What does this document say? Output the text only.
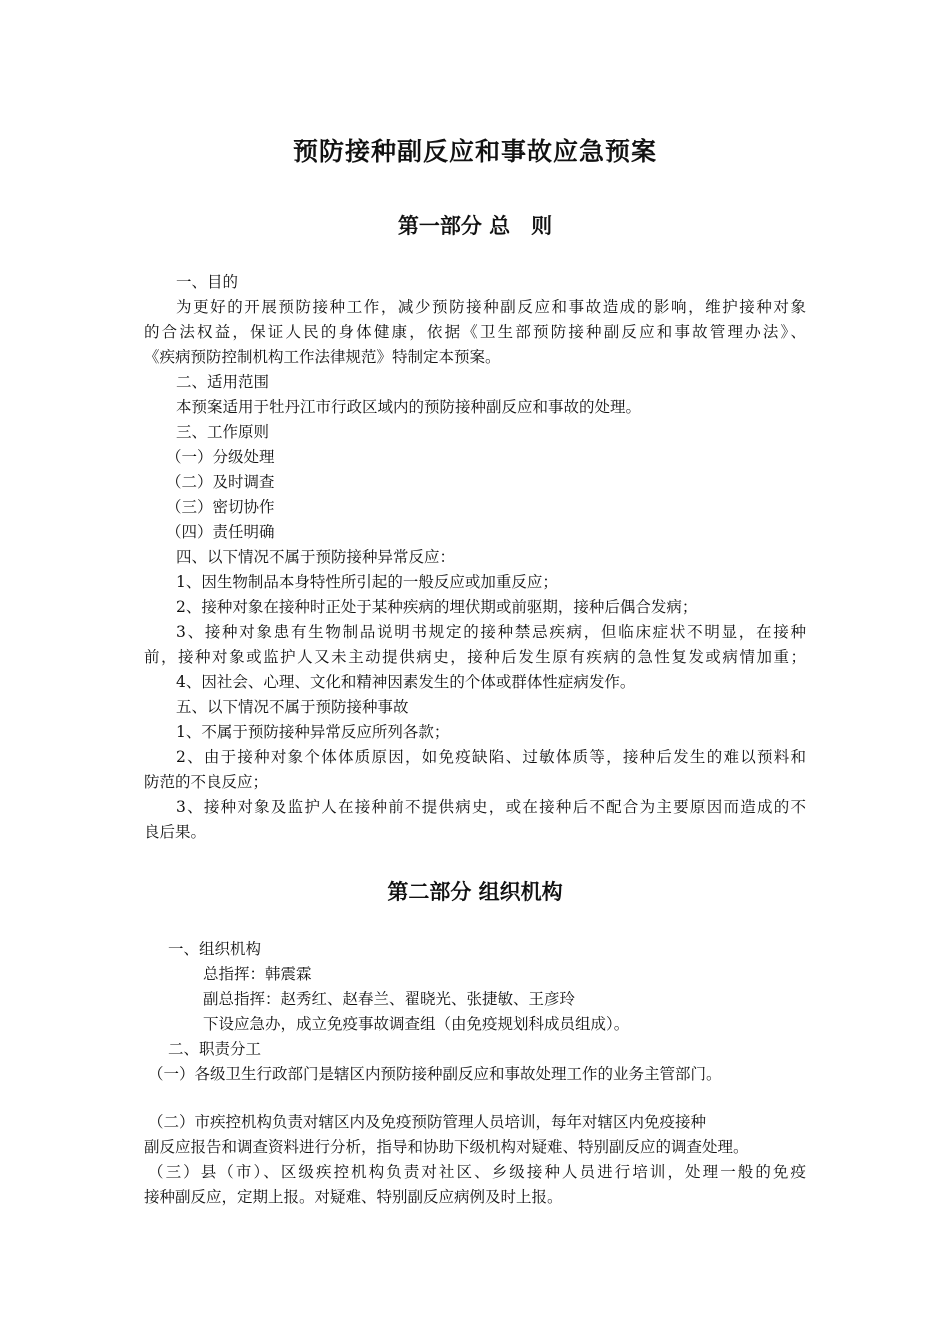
预防接种副反应和事故应急预案
第一部分 总　则
一、目的
为更好的开展预防接种工作，减少预防接种副反应和事故造成的影响，维护接种对象
的合法权益，保证人民的身体健康，依据《卫生部预防接种副反应和事故管理办法》、
《疾病预防控制机构工作法律规范》特制定本预案。
二、适用范围
本预案适用于牡丹江市行政区域内的预防接种副反应和事故的处理。
三、工作原则
（一）分级处理
（二）及时调查
（三）密切协作
（四）责任明确
四、以下情况不属于预防接种异常反应：
1、因生物制品本身特性所引起的一般反应或加重反应；
2、接种对象在接种时正处于某种疾病的埋伏期或前驱期，接种后偶合发病；
3、接种对象患有生物制品说明书规定的接种禁忌疾病，但临床症状不明显，在接种
前，接种对象或监护人又未主动提供病史，接种后发生原有疾病的急性复发或病情加重；
4、因社会、心理、文化和精神因素发生的个体或群体性症病发作。
五、以下情况不属于预防接种事故
1、不属于预防接种异常反应所列各款；
2、由于接种对象个体体质原因，如免疫缺陷、过敏体质等，接种后发生的难以预料和
防范的不良反应；
3、接种对象及监护人在接种前不提供病史，或在接种后不配合为主要原因而造成的不
良后果。
第二部分 组织机构
一、组织机构
总指挥：韩震霖
副总指挥：赵秀红、赵春兰、翟晓光、张捷敏、王彦玲
下设应急办，成立免疫事故调查组（由免疫规划科成员组成）。
二、职责分工
（一）各级卫生行政部门是辖区内预防接种副反应和事故处理工作的业务主管部门。
（二）市疾控机构负责对辖区内及免疫预防管理人员培训，每年对辖区内免疫接种
副反应报告和调查资料进行分析，指导和协助下级机构对疑难、特别副反应的调查处理。
（三）县（市）、区级疾控机构负责对社区、乡级接种人员进行培训，处理一般的免疫
接种副反应，定期上报。对疑难、特别副反应病例及时上报。
